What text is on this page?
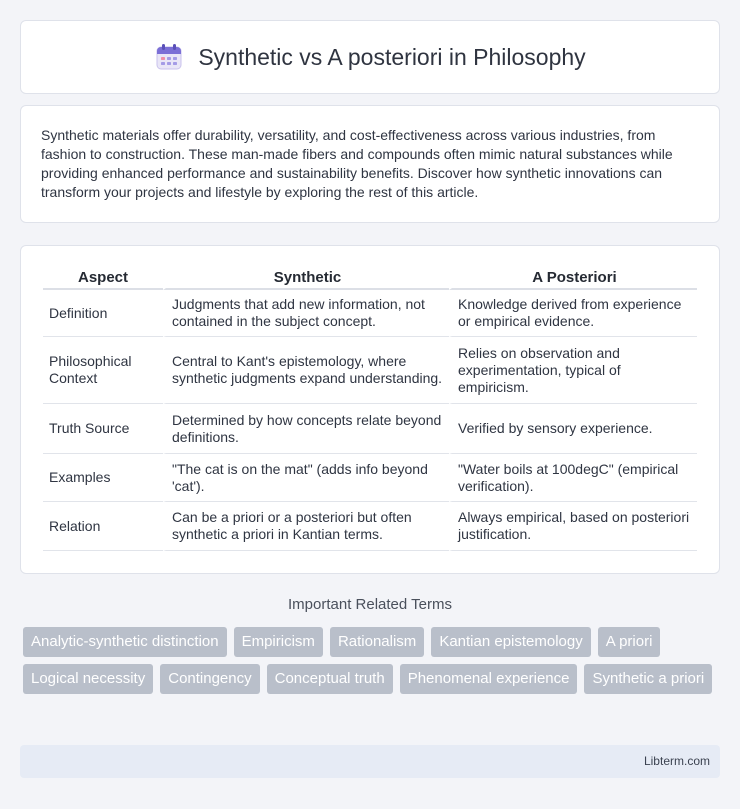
Synthetic vs A posteriori in Philosophy

Synthetic materials offer durability, versatility, and cost-effectiveness across various industries, from fashion to construction. These man-made fibers and compounds often mimic natural substances while providing enhanced performance and sustainability benefits. Discover how synthetic innovations can transform your projects and lifestyle by exploring the rest of this article.

Aspect	Synthetic	A Posteriori
Definition	Judgments that add new information, not contained in the subject concept.	Knowledge derived from experience or empirical evidence.
Philosophical Context	Central to Kant's epistemology, where synthetic judgments expand understanding.	Relies on observation and experimentation, typical of empiricism.
Truth Source	Determined by how concepts relate beyond definitions.	Verified by sensory experience.
Examples	"The cat is on the mat" (adds info beyond 'cat').	"Water boils at 100degC" (empirical verification).
Relation	Can be a priori or a posteriori but often synthetic a priori in Kantian terms.	Always empirical, based on posteriori justification.
Important Related Terms
Analytic-synthetic distinction	Empiricism	Rationalism	Kantian epistemology	A priori
Logical necessity	Contingency	Conceptual truth	Phenomenal experience	Synthetic a priori
Libterm.com
